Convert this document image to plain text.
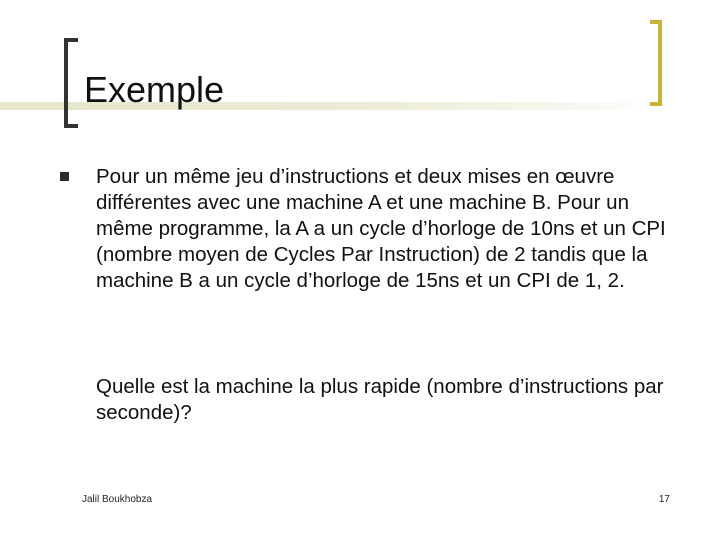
Exemple

Pour un même jeu d’instructions et deux mises en œuvre différentes avec une machine A et une machine B. Pour un même programme, la A a un cycle d’horloge de 10ns et un CPI (nombre moyen de Cycles Par Instruction) de 2 tandis que la machine B a un cycle d’horloge de 15ns et un CPI de 1, 2.

Quelle est la machine la plus rapide (nombre d’instructions par seconde)?

Jalil Boukhobza	17
